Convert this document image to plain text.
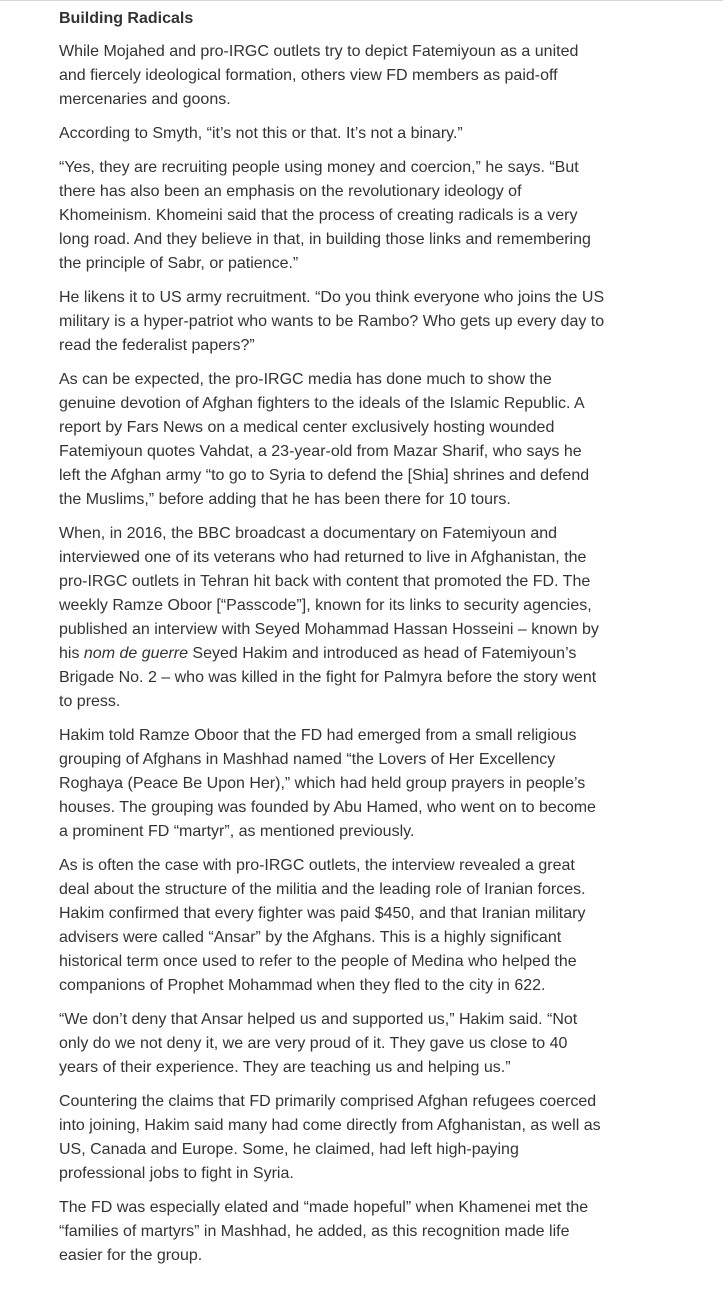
Building Radicals

While Mojahed and pro-IRGC outlets try to depict Fatemiyoun as a united and fiercely ideological formation, others view FD members as paid-off mercenaries and goons.

According to Smyth, “it’s not this or that. It’s not a binary.”

“Yes, they are recruiting people using money and coercion,” he says. “But there has also been an emphasis on the revolutionary ideology of Khomeinism. Khomeini said that the process of creating radicals is a very long road. And they believe in that, in building those links and remembering the principle of Sabr, or patience.”

He likens it to US army recruitment. “Do you think everyone who joins the US military is a hyper-patriot who wants to be Rambo? Who gets up every day to read the federalist papers?”

As can be expected, the pro-IRGC media has done much to show the genuine devotion of Afghan fighters to the ideals of the Islamic Republic. A report by Fars News on a medical center exclusively hosting wounded Fatemiyoun quotes Vahdat, a 23-year-old from Mazar Sharif, who says he left the Afghan army “to go to Syria to defend the [Shia] shrines and defend the Muslims,” before adding that he has been there for 10 tours.

When, in 2016, the BBC broadcast a documentary on Fatemiyoun and interviewed one of its veterans who had returned to live in Afghanistan, the pro-IRGC outlets in Tehran hit back with content that promoted the FD. The weekly Ramze Oboor [“Passcode”], known for its links to security agencies, published an interview with Seyed Mohammad Hassan Hosseini – known by his nom de guerre Seyed Hakim and introduced as head of Fatemiyoun’s Brigade No. 2 – who was killed in the fight for Palmyra before the story went to press.

Hakim told Ramze Oboor that the FD had emerged from a small religious grouping of Afghans in Mashhad named “the Lovers of Her Excellency Roghaya (Peace Be Upon Her),” which had held group prayers in people’s houses. The grouping was founded by Abu Hamed, who went on to become a prominent FD “martyr”, as mentioned previously.

As is often the case with pro-IRGC outlets, the interview revealed a great deal about the structure of the militia and the leading role of Iranian forces. Hakim confirmed that every fighter was paid $450, and that Iranian military advisers were called “Ansar” by the Afghans. This is a highly significant historical term once used to refer to the people of Medina who helped the companions of Prophet Mohammad when they fled to the city in 622.

“We don’t deny that Ansar helped us and supported us,” Hakim said. “Not only do we not deny it, we are very proud of it. They gave us close to 40 years of their experience. They are teaching us and helping us.”

Countering the claims that FD primarily comprised Afghan refugees coerced into joining, Hakim said many had come directly from Afghanistan, as well as US, Canada and Europe. Some, he claimed, had left high-paying professional jobs to fight in Syria.

The FD was especially elated and “made hopeful” when Khamenei met the “families of martyrs” in Mashhad, he added, as this recognition made life easier for the group.
